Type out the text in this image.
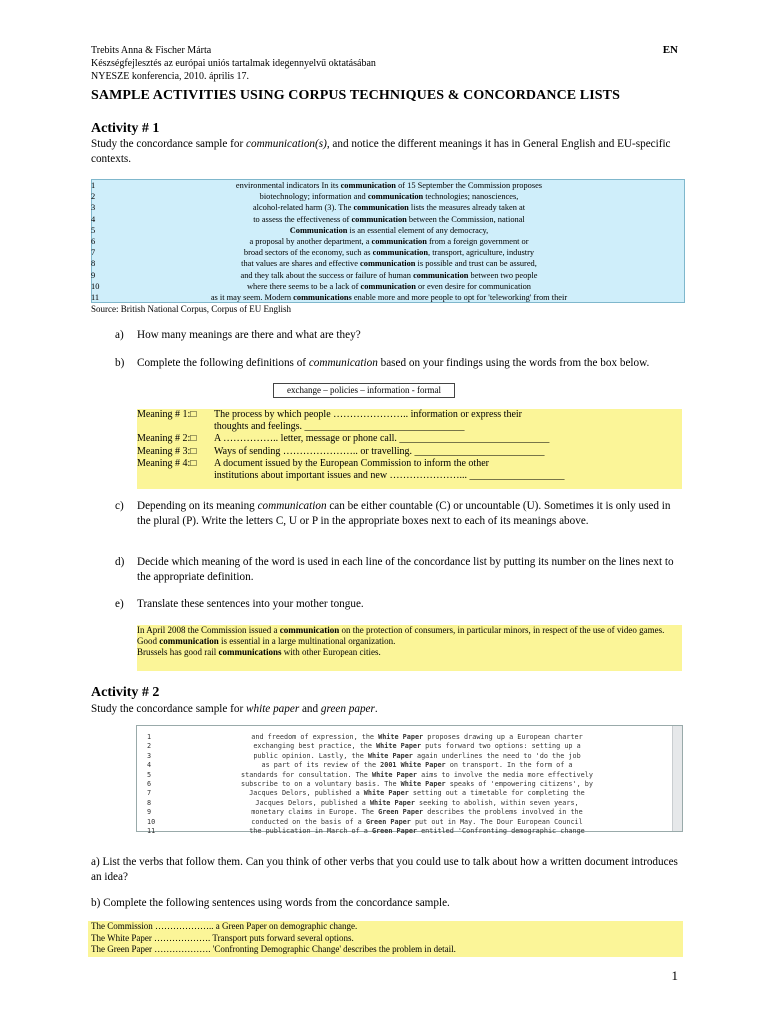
Trebits Anna & Fischer Márta
Készségfejlesztés az európai uniós tartalmak idegennyelvű oktatásában
NYESZE konferencia, 2010. április 17.
EN
SAMPLE ACTIVITIES USING CORPUS TECHNIQUES & CONCORDANCE LISTS
Activity # 1
Study the concordance sample for communication(s), and notice the different meanings it has in General English and EU-specific contexts.
1	environmental indicators In its communication of 15 September the Commission proposes
2	biotechnology; information and communication technologies; nanosciences,
3	alcohol-related harm (3). The communication lists the measures already taken at
4	to assess the effectiveness of communication between the Commission, national
5	Communication is an essential element of any democracy,
6	a proposal by another department, a communication from a foreign government or
7	broad sectors of the economy, such as communication, transport, agriculture, industry
8	that values are shares and effective communication is possible and trust can be assured,
9	and they talk about the success or failure of human communication between two people
10	where there seems to be a lack of communication or even desire for communication
11	as it may seem. Modern communications enable more and more people to opt for 'teleworking' from their
Source: British National Corpus, Corpus of EU English
a) How many meanings are there and what are they?
b) Complete the following definitions of communication based on your findings using the words from the box below.
exchange – policies – information - formal
Meaning # 1:□ The process by which people ………………….. information or express their
thoughts and feelings. ________________________________
Meaning # 2:□ A …………….. letter, message or phone call. ______________________________
Meaning # 3:□ Ways of sending ………………….. or travelling. __________________________
Meaning # 4:□ A document issued by the European Commission to inform the other
institutions about important issues and new …………………... ___________________
c) Depending on its meaning communication can be either countable (C) or uncountable (U). Sometimes it is only used in the plural (P). Write the letters C, U or P in the appropriate boxes next to each of its meanings above.
d) Decide which meaning of the word is used in each line of the concordance list by putting its number on the lines next to the appropriate definition.
e) Translate these sentences into your mother tongue.
In April 2008 the Commission issued a communication on the protection of consumers, in particular minors, in respect of the use of video games.
Good communication is essential in a large multinational organization.
Brussels has good rail communications with other European cities.
Activity # 2
Study the concordance sample for white paper and green paper.
1	and freedom of expression, the White Paper proposes drawing up a European charter
2	exchanging best practice, the White Paper puts forward two options: setting up a
3	public opinion. Lastly, the White Paper again underlines the need to 'do the job
4	as part of its review of the 2001 White Paper on transport. In the form of a
5	standards for consultation. The White Paper aims to involve the media more effectively
6	subscribe to on a voluntary basis. The White Paper speaks of 'empowering citizens', by
7	Jacques Delors, published a White Paper setting out a timetable for completing the
8	Jacques Delors, published a White Paper seeking to abolish, within seven years,
9	monetary claims in Europe. The Green Paper describes the problems involved in the
10	conducted on the basis of a Green Paper put out in May. The Dour European Council
11	the publication in March of a Green Paper entitled 'Confronting demographic change
a) List the verbs that follow them. Can you think of other verbs that you could use to talk about how a written document introduces an idea?
b) Complete the following sentences using words from the concordance sample.
The Commission ……………….. a Green Paper on demographic change.
The White Paper ………………. Transport puts forward several options.
The Green Paper ………………. 'Confronting Demographic Change' describes the problem in detail.
1
